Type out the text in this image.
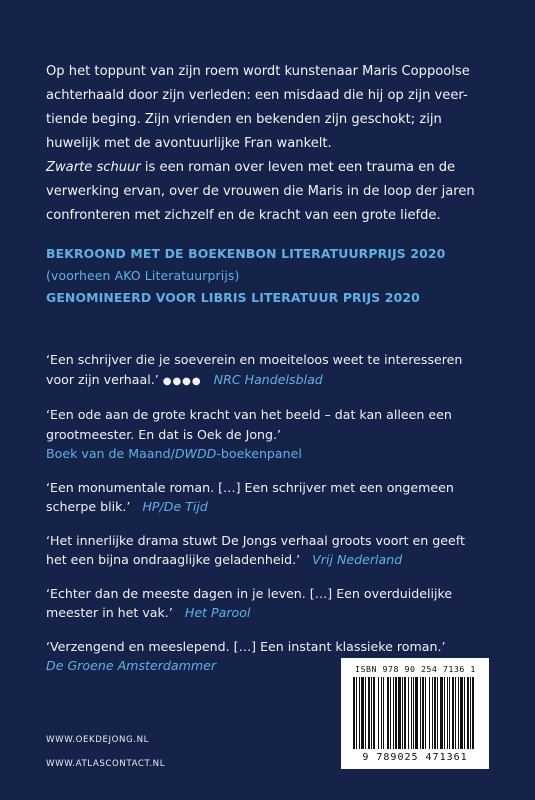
Op het toppunt van zijn roem wordt kunstenaar Maris Coppoolse
achterhaald door zijn verleden: een misdaad die hij op zijn veer-
tiende beging. Zijn vrienden en bekenden zijn geschokt; zijn
huwelijk met de avontuurlijke Fran wankelt.
Zwarte schuur is een roman over leven met een trauma en de
verwerking ervan, over de vrouwen die Maris in de loop der jaren
confronteren met zichzelf en de kracht van een grote liefde.
BEKROOND MET DE BOEKENBON LITERATUURPRIJS 2020
(voorheen AKO Literatuurprijs)
GENOMINEERD VOOR LIBRIS LITERATUUR PRIJS 2020
‘Een schrijver die je soeverein en moeiteloos weet te interesseren
voor zijn verhaal.’ ●●●● NRC Handelsblad
‘Een ode aan de grote kracht van het beeld – dat kan alleen een
grootmeester. En dat is Oek de Jong.’
Boek van de Maand/DWDD-boekenpanel
‘Een monumentale roman. […] Een schrijver met een ongemeen
scherpe blik.’ HP/De Tijd
‘Het innerlijke drama stuwt De Jongs verhaal groots voort en geeft
het een bijna ondraaglijke geladenheid.’ Vrij Nederland
‘Echter dan de meeste dagen in je leven. […] Een overduidelijke
meester in het vak.’ Het Parool
‘Verzengend en meeslepend. […] Een instant klassieke roman.’
De Groene Amsterdammer
WWW.OEKDEJONG.NL
WWW.ATLASCONTACT.NL
ISBN 978 90 254 7136 1
9 789025 471361
